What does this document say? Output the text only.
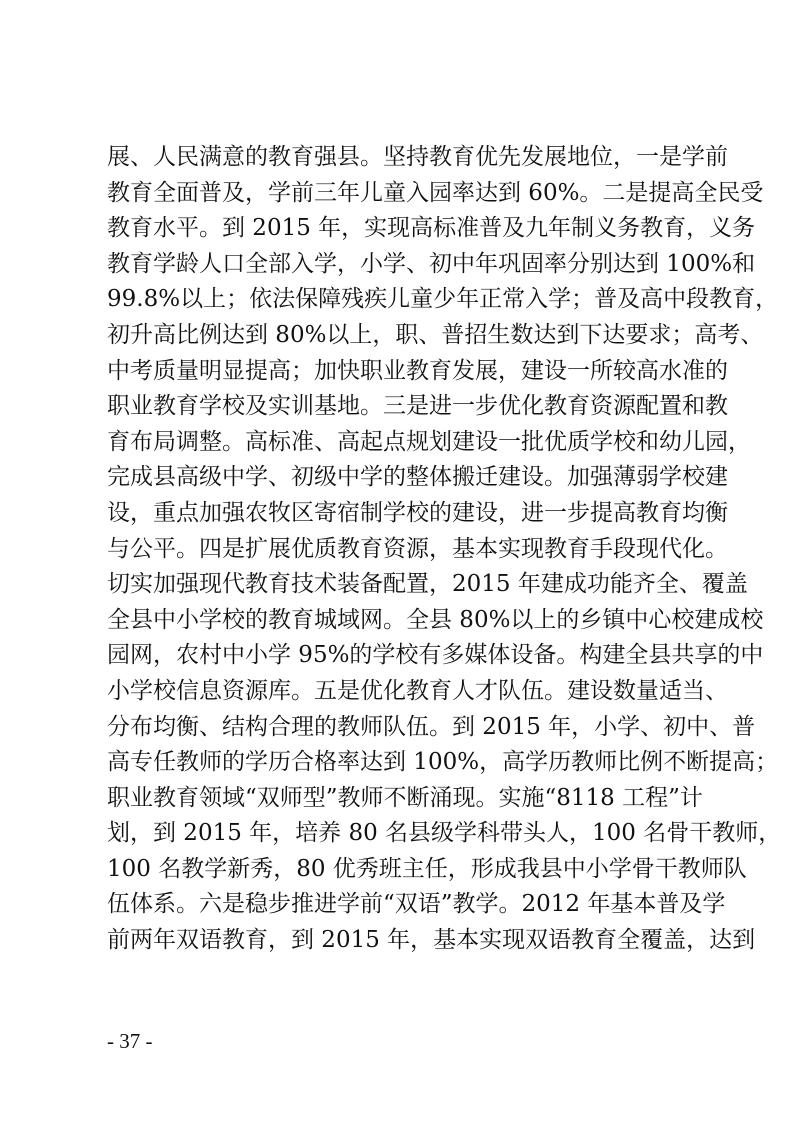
展、人民满意的教育强县。坚持教育优先发展地位，一是学前
教育全面普及，学前三年儿童入园率达到 60%。二是提高全民受
教育水平。到 2015 年，实现高标准普及九年制义务教育，义务
教育学龄人口全部入学，小学、初中年巩固率分别达到 100%和
99.8%以上；依法保障残疾儿童少年正常入学；普及高中段教育，
初升高比例达到 80%以上，职、普招生数达到下达要求；高考、
中考质量明显提高；加快职业教育发展，建设一所较高水准的
职业教育学校及实训基地。三是进一步优化教育资源配置和教
育布局调整。高标准、高起点规划建设一批优质学校和幼儿园，
完成县高级中学、初级中学的整体搬迁建设。加强薄弱学校建
设，重点加强农牧区寄宿制学校的建设，进一步提高教育均衡
与公平。四是扩展优质教育资源，基本实现教育手段现代化。
切实加强现代教育技术装备配置，2015 年建成功能齐全、覆盖
全县中小学校的教育城域网。全县 80%以上的乡镇中心校建成校
园网，农村中小学 95%的学校有多媒体设备。构建全县共享的中
小学校信息资源库。五是优化教育人才队伍。建设数量适当、
分布均衡、结构合理的教师队伍。到 2015 年，小学、初中、普
高专任教师的学历合格率达到 100%，高学历教师比例不断提高；
职业教育领域“双师型”教师不断涌现。实施“8118 工程”计
划，到 2015 年，培养 80 名县级学科带头人，100 名骨干教师，
100 名教学新秀，80 优秀班主任，形成我县中小学骨干教师队
伍体系。六是稳步推进学前“双语”教学。2012 年基本普及学
前两年双语教育，到 2015 年，基本实现双语教育全覆盖，达到
- 37 -
